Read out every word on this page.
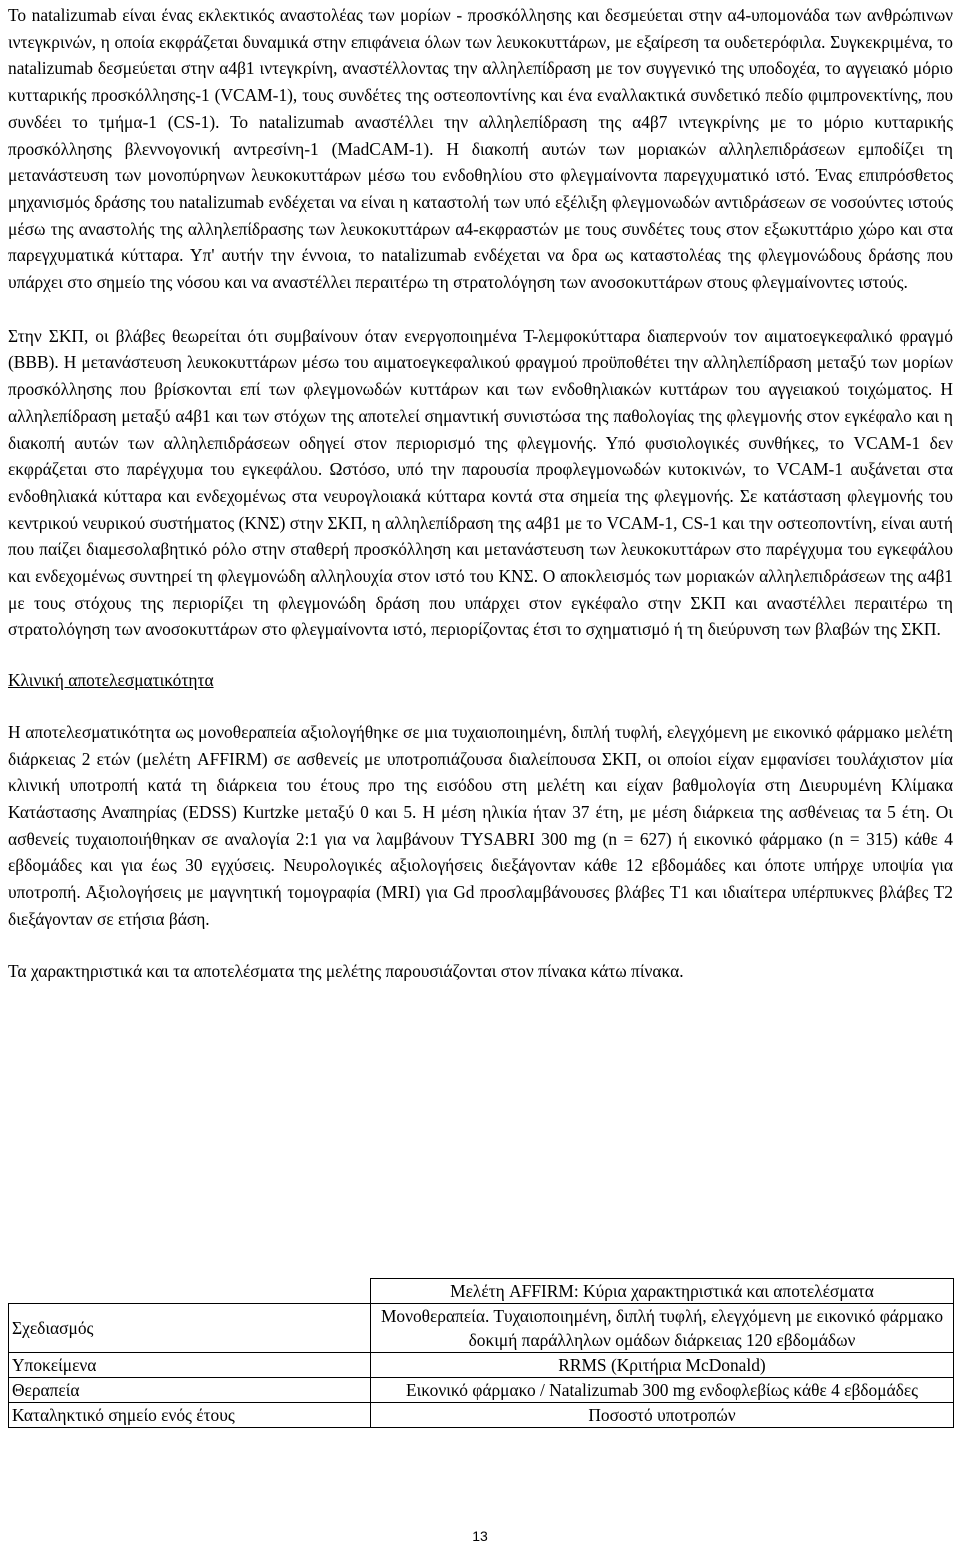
Το natalizumab είναι ένας εκλεκτικός αναστολέας των μορίων - προσκόλλησης και δεσμεύεται στην α4-υπομονάδα των ανθρώπινων ιντεγκρινών, η οποία εκφράζεται δυναμικά στην επιφάνεια όλων των λευκοκυττάρων, με εξαίρεση τα ουδετερόφιλα. Συγκεκριμένα, το natalizumab δεσμεύεται στην α4β1 ιντεγκρίνη, αναστέλλοντας την αλληλεπίδραση με τον συγγενικό της υποδοχέα, το αγγειακό μόριο κυτταρικής προσκόλλησης-1 (VCAM-1), τους συνδέτες της οστεοποντίνης και ένα εναλλακτικά συνδετικό πεδίο φιμπρονεκτίνης, που συνδέει το τμήμα-1 (CS-1). Το natalizumab αναστέλλει την αλληλεπίδραση της α4β7 ιντεγκρίνης με το μόριο κυτταρικής προσκόλλησης βλεννογονική αντρεσίνη-1 (MadCAM-1). Η διακοπή αυτών των μοριακών αλληλεπιδράσεων εμποδίζει τη μετανάστευση των μονοπύρηνων λευκοκυττάρων μέσω του ενδοθηλίου στο φλεγμαίνοντα παρεγχυματικό ιστό. Ένας επιπρόσθετος μηχανισμός δράσης του natalizumab ενδέχεται να είναι η καταστολή των υπό εξέλιξη φλεγμονωδών αντιδράσεων σε νοσούντες ιστούς μέσω της αναστολής της αλληλεπίδρασης των λευκοκυττάρων α4-εκφραστών με τους συνδέτες τους στον εξωκυττάριο χώρο και στα παρεγχυματικά κύτταρα. Υπ' αυτήν την έννοια, το natalizumab ενδέχεται να δρα ως καταστολέας της φλεγμονώδους δράσης που υπάρχει στο σημείο της νόσου και να αναστέλλει περαιτέρω τη στρατολόγηση των ανοσοκυττάρων στους φλεγμαίνοντες ιστούς.

Στην ΣΚΠ, οι βλάβες θεωρείται ότι συμβαίνουν όταν ενεργοποιημένα Τ-λεμφοκύτταρα διαπερνούν τον αιματοεγκεφαλικό φραγμό (ΒΒΒ). Η μετανάστευση λευκοκυττάρων μέσω του αιματοεγκεφαλικού φραγμού προϋποθέτει την αλληλεπίδραση μεταξύ των μορίων προσκόλλησης που βρίσκονται επί των φλεγμονωδών κυττάρων και των ενδοθηλιακών κυττάρων του αγγειακού τοιχώματος. Η αλληλεπίδραση μεταξύ α4β1 και των στόχων της αποτελεί σημαντική συνιστώσα της παθολογίας της φλεγμονής στον εγκέφαλο και η διακοπή αυτών των αλληλεπιδράσεων οδηγεί στον περιορισμό της φλεγμονής. Υπό φυσιολογικές συνθήκες, το VCAM-1 δεν εκφράζεται στο παρέγχυμα του εγκεφάλου. Ωστόσο, υπό την παρουσία προφλεγμονωδών κυτοκινών, το VCAM-1 αυξάνεται στα ενδοθηλιακά κύτταρα και ενδεχομένως στα νευρογλοιακά κύτταρα κοντά στα σημεία της φλεγμονής. Σε κατάσταση φλεγμονής του κεντρικού νευρικού συστήματος (ΚΝΣ) στην ΣΚΠ, η αλληλεπίδραση της α4β1 με το VCAM-1, CS-1 και την οστεοποντίνη, είναι αυτή που παίζει διαμεσολαβητικό ρόλο στην σταθερή προσκόλληση και μετανάστευση των λευκοκυττάρων στο παρέγχυμα του εγκεφάλου και ενδεχομένως συντηρεί τη φλεγμονώδη αλληλουχία στον ιστό του ΚΝΣ. Ο αποκλεισμός των μοριακών αλληλεπιδράσεων της α4β1 με τους στόχους της περιορίζει τη φλεγμονώδη δράση που υπάρχει στον εγκέφαλο στην ΣΚΠ και αναστέλλει περαιτέρω τη στρατολόγηση των ανοσοκυττάρων στο φλεγμαίνοντα ιστό, περιορίζοντας έτσι το σχηματισμό ή τη διεύρυνση των βλαβών της ΣΚΠ.

Κλινική αποτελεσματικότητα

Η αποτελεσματικότητα ως μονοθεραπεία αξιολογήθηκε σε μια τυχαιοποιημένη, διπλή τυφλή, ελεγχόμενη με εικονικό φάρμακο μελέτη διάρκειας 2 ετών (μελέτη AFFIRM) σε ασθενείς με υποτροπιάζουσα διαλείπουσα ΣΚΠ, οι οποίοι είχαν εμφανίσει τουλάχιστον μία κλινική υποτροπή κατά τη διάρκεια του έτους προ της εισόδου στη μελέτη και είχαν βαθμολογία στη Διευρυμένη Κλίμακα Κατάστασης Αναπηρίας (EDSS) Kurtzke μεταξύ 0 και 5. Η μέση ηλικία ήταν 37 έτη, με μέση διάρκεια της ασθένειας τα 5 έτη. Οι ασθενείς τυχαιοποιήθηκαν σε αναλογία 2:1 για να λαμβάνουν TYSABRI 300 mg (n = 627) ή εικονικό φάρμακο (n = 315) κάθε 4 εβδομάδες και για έως 30 εγχύσεις. Νευρολογικές αξιολογήσεις διεξάγονταν κάθε 12 εβδομάδες και όποτε υπήρχε υποψία για υποτροπή. Αξιολογήσεις με μαγνητική τομογραφία (MRI) για Gd προσλαμβάνουσες βλάβες Τ1 και ιδιαίτερα υπέρπυκνες βλάβες Τ2 διεξάγονταν σε ετήσια βάση.

Τα χαρακτηριστικά και τα αποτελέσματα της μελέτης παρουσιάζονται στον πίνακα κάτω πίνακα.

	Μελέτη AFFIRM: Κύρια χαρακτηριστικά και αποτελέσματα
Σχεδιασμός	Μονοθεραπεία. Τυχαιοποιημένη, διπλή τυφλή, ελεγχόμενη με εικονικό φάρμακο δοκιμή παράλληλων ομάδων διάρκειας 120 εβδομάδων
Υποκείμενα	RRMS (Κριτήρια McDonald)
Θεραπεία	Εικονικό φάρμακο / Natalizumab 300 mg ενδοφλεβίως κάθε 4 εβδομάδες
Καταληκτικό σημείο ενός έτους	Ποσοστό υποτροπών
13
